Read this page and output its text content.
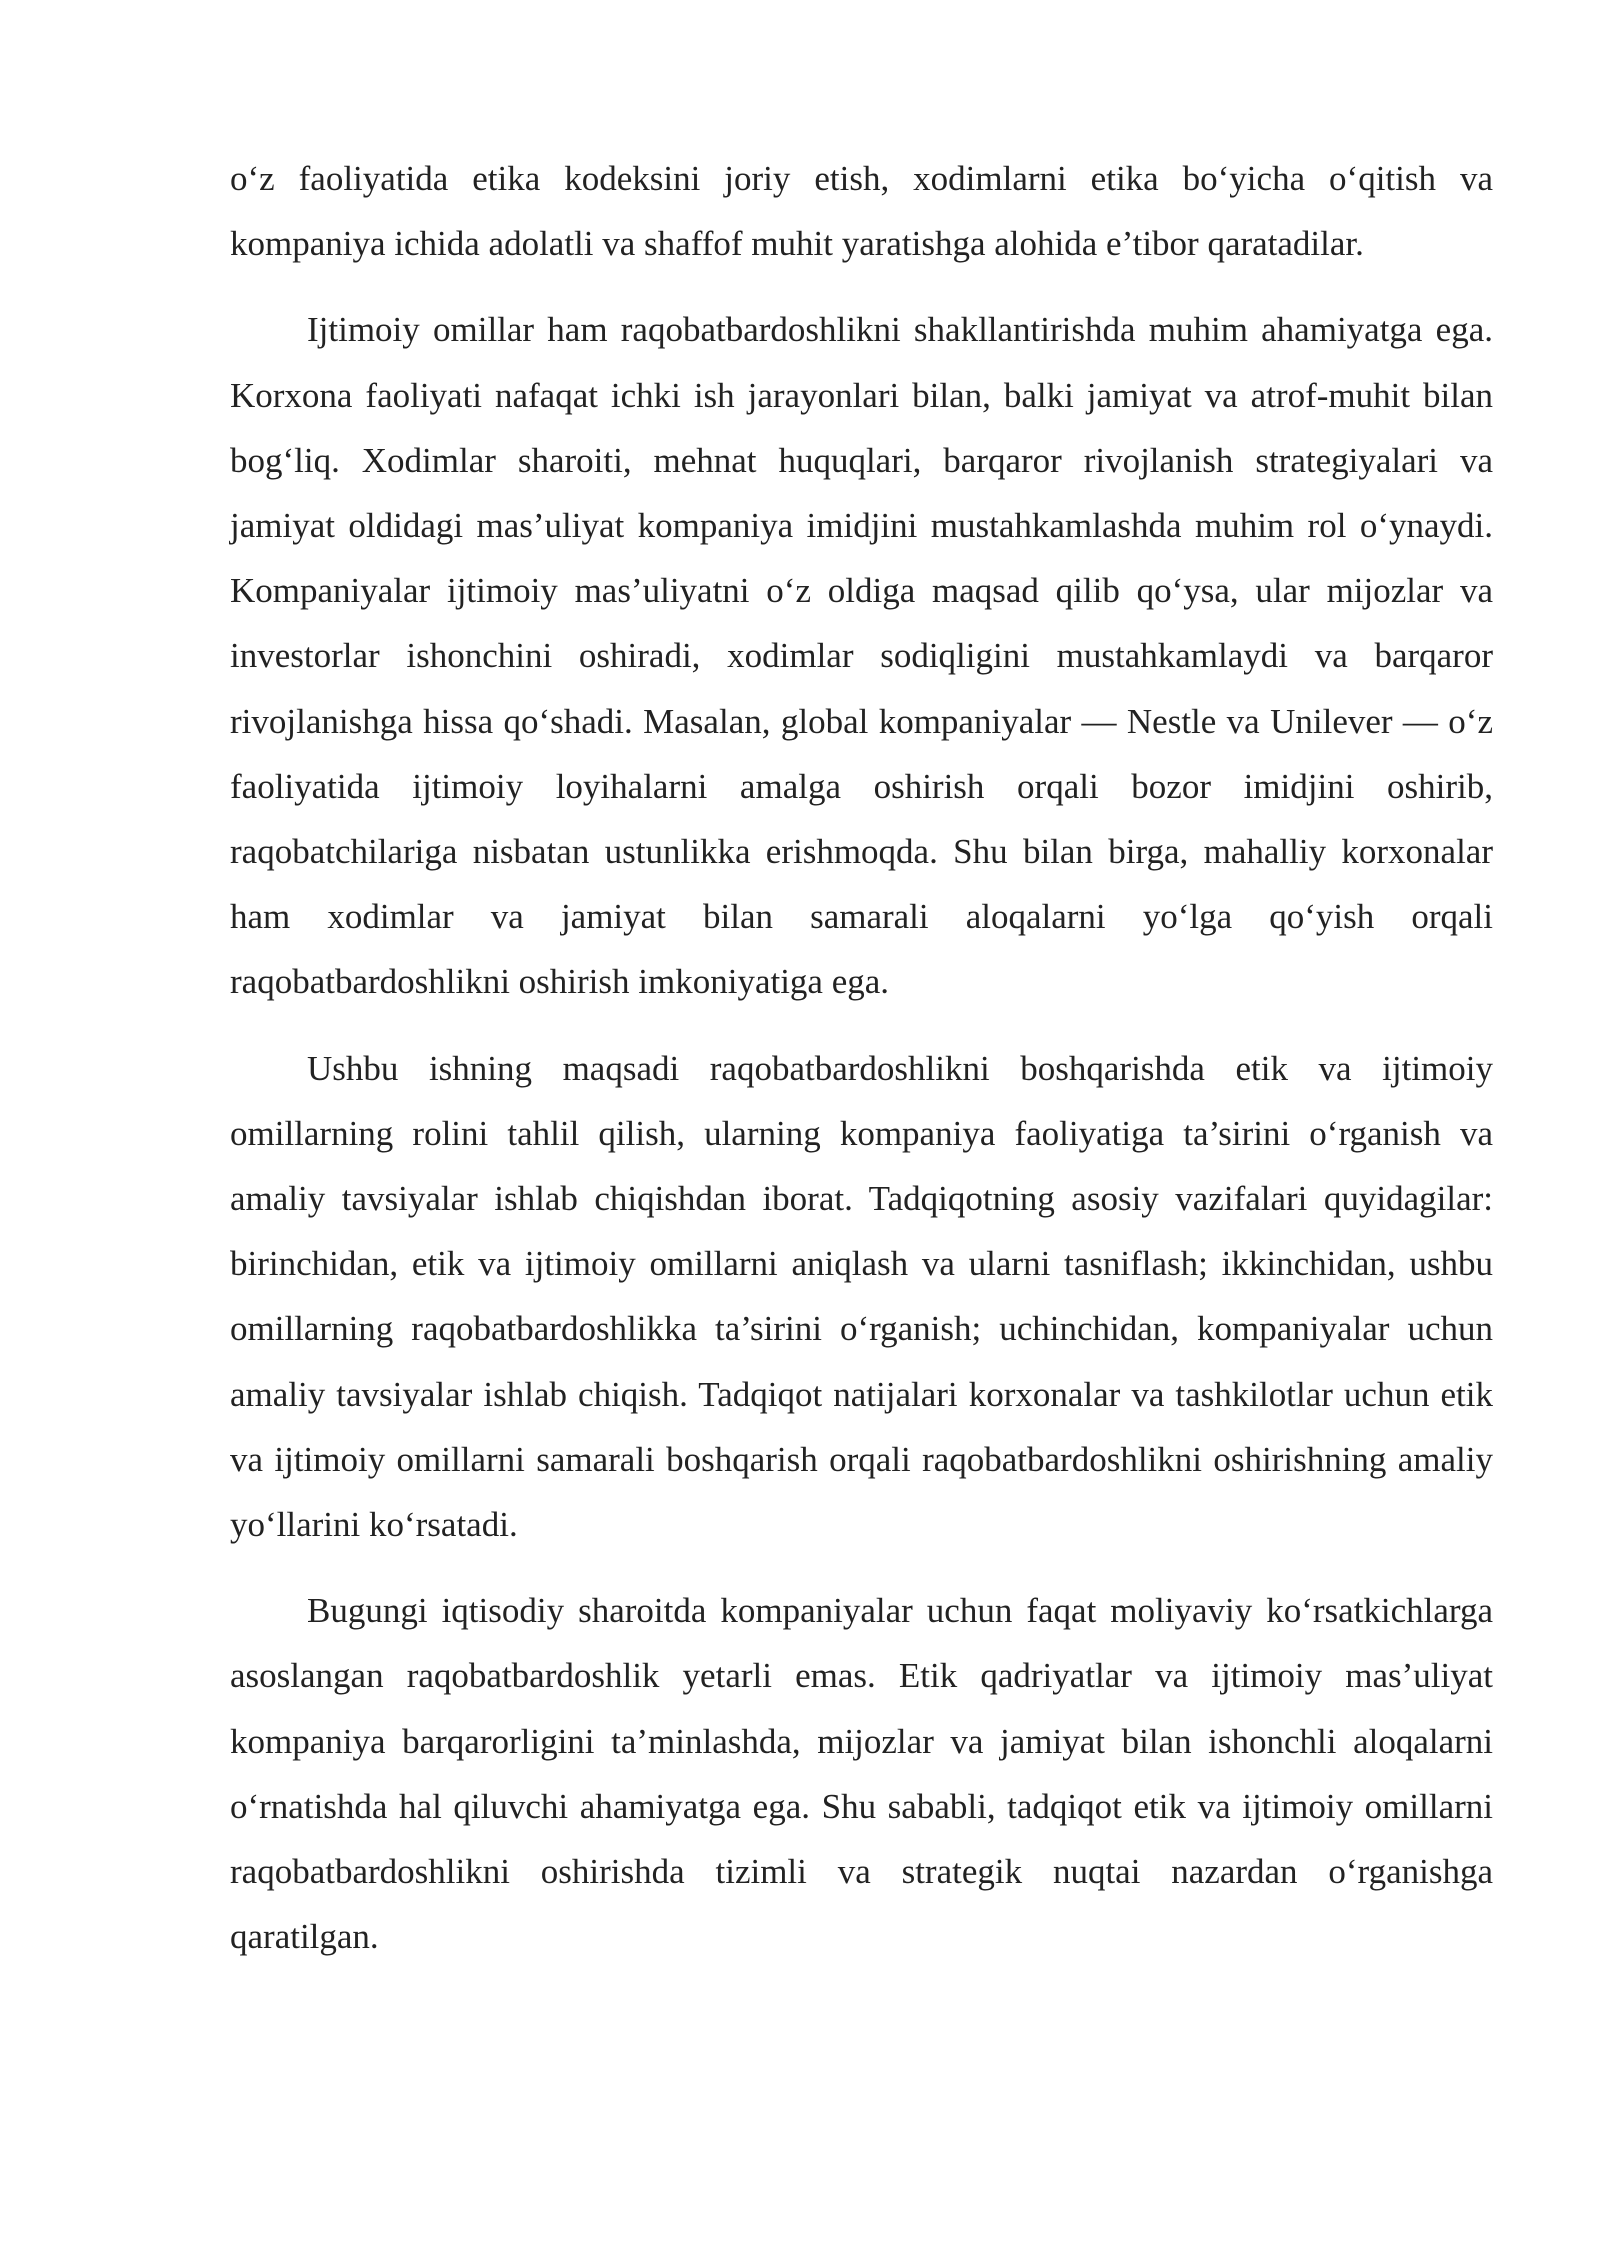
o‘z faoliyatida etika kodeksini joriy etish, xodimlarni etika bo‘yicha o‘qitish va kompaniya ichida adolatli va shaffof muhit yaratishga alohida e’tibor qaratadilar.

Ijtimoiy omillar ham raqobatbardoshlikni shakllantirishda muhim ahamiyatga ega. Korxona faoliyati nafaqat ichki ish jarayonlari bilan, balki jamiyat va atrof-muhit bilan bog‘liq. Xodimlar sharoiti, mehnat huquqlari, barqaror rivojlanish strategiyalari va jamiyat oldidagi mas’uliyat kompaniya imidjini mustahkamlashda muhim rol o‘ynaydi. Kompaniyalar ijtimoiy mas’uliyatni o‘z oldiga maqsad qilib qo‘ysa, ular mijozlar va investorlar ishonchini oshiradi, xodimlar sodiqligini mustahkamlaydi va barqaror rivojlanishga hissa qo‘shadi. Masalan, global kompaniyalar — Nestle va Unilever — o‘z faoliyatida ijtimoiy loyihalarni amalga oshirish orqali bozor imidjini oshirib, raqobatchilariga nisbatan ustunlikka erishmoqda. Shu bilan birga, mahalliy korxonalar ham xodimlar va jamiyat bilan samarali aloqalarni yo‘lga qo‘yish orqali raqobatbardoshlikni oshirish imkoniyatiga ega.

Ushbu ishning maqsadi raqobatbardoshlikni boshqarishda etik va ijtimoiy omillarning rolini tahlil qilish, ularning kompaniya faoliyatiga ta’sirini o‘rganish va amaliy tavsiyalar ishlab chiqishdan iborat. Tadqiqotning asosiy vazifalari quyidagilar: birinchidan, etik va ijtimoiy omillarni aniqlash va ularni tasniflash; ikkinchidan, ushbu omillarning raqobatbardoshlikka ta’sirini o‘rganish; uchinchidan, kompaniyalar uchun amaliy tavsiyalar ishlab chiqish. Tadqiqot natijalari korxonalar va tashkilotlar uchun etik va ijtimoiy omillarni samarali boshqarish orqali raqobatbardoshlikni oshirishning amaliy yo‘llarini ko‘rsatadi.

Bugungi iqtisodiy sharoitda kompaniyalar uchun faqat moliyaviy ko‘rsatkichlarga asoslangan raqobatbardoshlik yetarli emas. Etik qadriyatlar va ijtimoiy mas’uliyat kompaniya barqarorligini ta’minlashda, mijozlar va jamiyat bilan ishonchli aloqalarni o‘rnatishda hal qiluvchi ahamiyatga ega. Shu sababli, tadqiqot etik va ijtimoiy omillarni raqobatbardoshlikni oshirishda tizimli va strategik nuqtai nazardan o‘rganishga qaratilgan.
